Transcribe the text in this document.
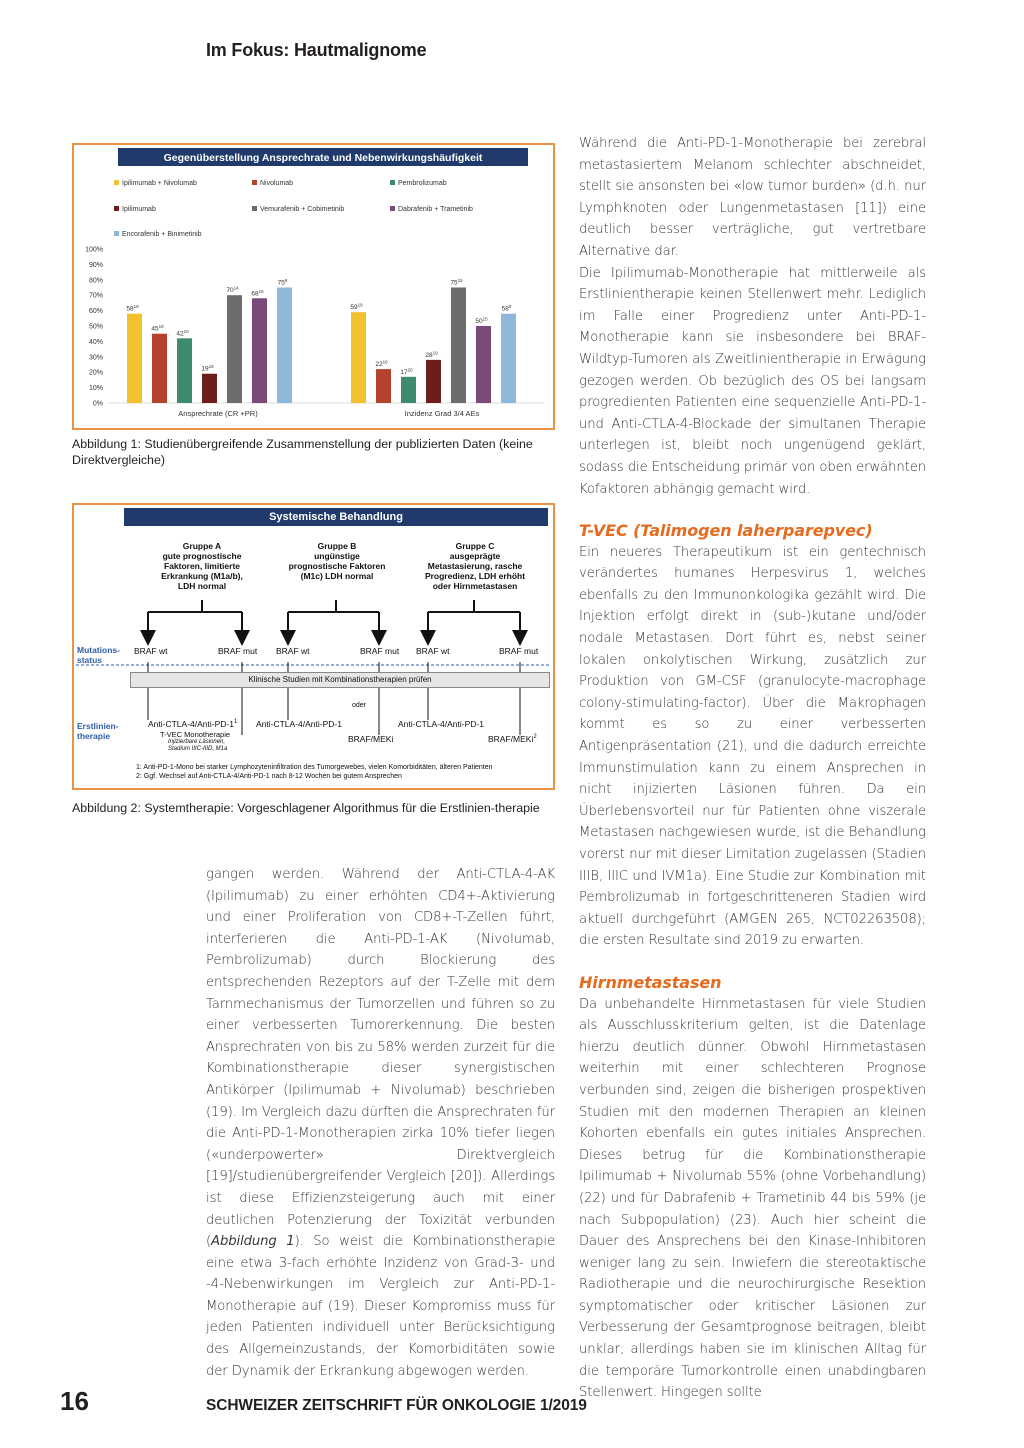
Im Fokus: Hautmalignome
Gegenüberstellung Ansprechrate und Nebenwirkungshäufigkeit
Ipilimumab + Nivolumab	Nivolumab	Pembrolizumab
Ipilimumab	Vemurafenib + Cobimetinib	Dabrafenib + Trametinib
Encorafenib + Binimetinib
100%
90%
80%
70%
60%
50%
40%
30%
20%
10%
0%
$58^{19}$
$45^{19}$
$42^{10}$
$19^{19}$
$70^{14}$
$68^{15}$
$75^8$
$59^{19}$
$22^{19}$
$17^{20}$
$28^{19}$
$75^{15}$
$50^{15}$
$58^8$
Ansprechrate (CR +PR)	Inzidenz Grad 3/4 AEs
Abbildung 1: Studienübergreifende Zusammenstellung der publizierten Daten (keine Direktvergleiche)
Systemische Behandlung
Gruppe A
gute prognostische
Faktoren, limitierte
Erkrankung (M1a/b),
LDH normal
Gruppe B
ungünstige
prognostische Faktoren
(M1c) LDH normal
Gruppe C
ausgeprägte
Metastasierung, rasche
Progredienz, LDH erhöht
oder Hirnmetastasen
Mutations-
status
Erstlinien-
therapie
BRAF wt	BRAF mut BRAF wt	BRAF mut BRAF wt	BRAF mut
Klinische Studien mit Kombinationstherapien prüfen
oder
Anti-$CTLA-4/Anti-PD-1^1$
T-VEC Monotherapie
Injizierbare Läsionen,
Stadium IIIC-IIID, M1a
Anti-CTLA-4/Anti-PD-1
BRAF/MEKi
Anti-CTLA-4/Anti-PD-1
BRAF/MEKi$^2$
1: Anti-PD-1-Mono bei starker Lymphozyteninfiltration des Tumorgewebes, vielen Komorbiditäten, älteren Patienten
2: Ggf. Wechsel auf Anti-CTLA-4/Anti-PD-1 nach 8-12 Wochen bei gutem Ansprechen
Abbildung 2: Systemtherapie: Vorgeschlagener Algorithmus für die Erstlinien-therapie

gangen werden. Während der Anti-CTLA-4-AK (Ipilimumab) zu einer erhöhten CD4+-Aktivierung und einer Proliferation von CD8+-T-Zellen führt, interferieren die Anti-PD-1-AK (Nivolumab, Pembrolizumab) durch Blockierung des entsprechenden Rezeptors auf der T-Zelle mit dem Tarnmechanismus der Tumorzellen und führen so zu einer verbesserten Tumorerkennung. Die besten Ansprechraten von bis zu 58% werden zurzeit für die Kombinationstherapie dieser synergistischen Antikörper (Ipilimumab + Nivolumab) beschrieben (19). Im Vergleich dazu dürften die Ansprechraten für die Anti-PD-1-Monotherapien zirka 10% tiefer liegen («underpowerter» Direktvergleich [19]/studienübergreifender Vergleich [20]). Allerdings ist diese Effizienzsteigerung auch mit einer deutlichen Potenzierung der Toxizität verbunden (Abbildung 1). So weist die Kombinationstherapie eine etwa 3-fach erhöhte Inzidenz von Grad-3- und -4-Nebenwirkungen im Vergleich zur Anti-PD-1-Monotherapie auf (19). Dieser Kompromiss muss für jeden Patienten individuell unter Berücksichtigung des Allgemeinzustands, der Komorbiditäten sowie der Dynamik der Erkrankung abgewogen werden.

Während die Anti-PD-1-Monotherapie bei zerebral metastasiertem Melanom schlechter abschneidet, stellt sie ansonsten bei «low tumor burden» (d.h. nur Lymphknoten oder Lungenmetastasen [11]) eine deutlich besser verträgliche, gut vertretbare Alternative dar.

Die Ipilimumab-Monotherapie hat mittlerweile als Erstlinientherapie keinen Stellenwert mehr. Lediglich im Falle einer Progredienz unter Anti-PD-1-Monotherapie kann sie insbesondere bei BRAF-Wildtyp-Tumoren als Zweitlinientherapie in Erwägung gezogen werden. Ob bezüglich des OS bei langsam progredienten Patienten eine sequenzielle Anti-PD-1- und Anti-CTLA-4-Blockade der simultanen Therapie unterlegen ist, bleibt noch ungenügend geklärt, sodass die Entscheidung primär von oben erwähnten Kofaktoren abhängig gemacht wird.

T-VEC (Talimogen laherparepvec)

Ein neueres Therapeutikum ist ein gentechnisch verändertes humanes Herpesvirus 1, welches ebenfalls zu den Immunonkologika gezählt wird. Die Injektion erfolgt direkt in (sub-)kutane und/oder nodale Metastasen. Dort führt es, nebst seiner lokalen onkolytischen Wirkung, zusätzlich zur Produktion von GM-CSF (granulocyte-macrophage colony-stimulating-factor). Über die Makrophagen kommt es so zu einer verbesserten Antigenpräsentation (21), und die dadurch erreichte Immunstimulation kann zu einem Ansprechen in nicht injizierten Läsionen führen. Da ein Überlebensvorteil nur für Patienten ohne viszerale Metastasen nachgewiesen wurde, ist die Behandlung vorerst nur mit dieser Limitation zugelassen (Stadien IIIB, IIIC und IVM1a). Eine Studie zur Kombination mit Pembrolizumab in fortgeschritteneren Stadien wird aktuell durchgeführt (AMGEN 265, NCT02263508); die ersten Resultate sind 2019 zu erwarten.

Hirnmetastasen

Da unbehandelte Hirnmetastasen für viele Studien als Ausschlusskriterium gelten, ist die Datenlage hierzu deutlich dünner. Obwohl Hirnmetastasen weiterhin mit einer schlechteren Prognose verbunden sind, zeigen die bisherigen prospektiven Studien mit den modernen Therapien an kleinen Kohorten ebenfalls ein gutes initiales Ansprechen. Dieses betrug für die Kombinationstherapie Ipilimumab + Nivolumab 55% (ohne Vorbehandlung) (22) und für Dabrafenib + Trametinib 44 bis 59% (je nach Subpopulation) (23). Auch hier scheint die Dauer des Ansprechens bei den Kinase-Inhibitoren weniger lang zu sein. Inwiefern die stereotaktische Radiotherapie und die neurochirurgische Resektion symptomatischer oder kritischer Läsionen zur Verbesserung der Gesamtprognose beitragen, bleibt unklar; allerdings haben sie im klinischen Alltag für die temporäre Tumorkontrolle einen unabdingbaren Stellenwert. Hingegen sollte

16	SCHWEIZER ZEITSCHRIFT FÜR ONKOLOGIE 1/2019
